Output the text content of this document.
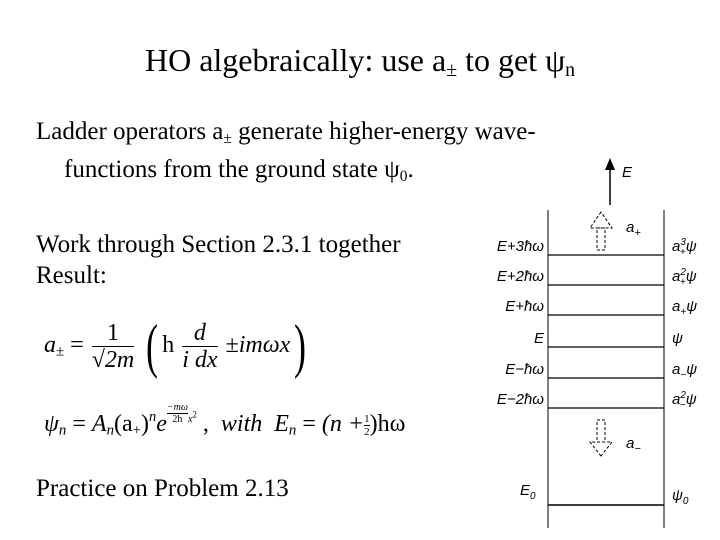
HO algebraically: use $a_\pm$ to get $\psi_n$
Ladder operators $a_\pm$ generate higher-energy wave-
functions from the ground state $\psi_0$.
Work through Section 2.3.1 together
Result:
$a_\pm = \frac{1}{√2m}$ ( h $\frac{d}{\text{i dx}} \pm im\omega x$)
$\psi_n = A_n(a_+)^ne \frac{-m\omega}{2h} x2$ , with $E_n = (n + \frac{1}{2} )h\omega$
Practice on Problem 2.13
E
$a_+$
$a_-$
E+3ħω	$a^3 +\psi$
E+2ħω	$a^2 +\psi$
E+ħω	$a_+\psi$
E	ψ
E−ħω	$a_-\psi$
E−2ħω	$a^2 -\psi$
$E_0$	$\psi_0$
